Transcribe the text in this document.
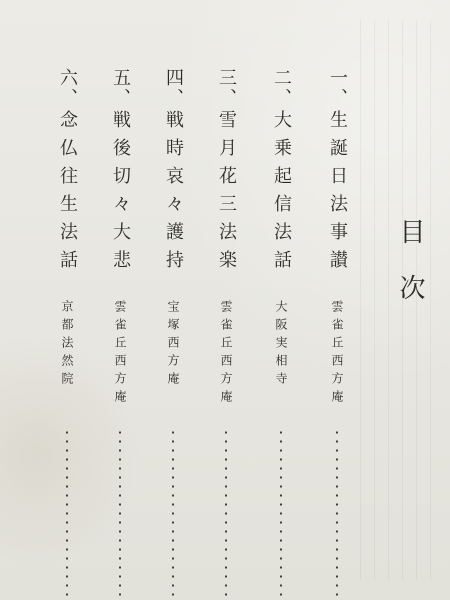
目次
一、
生誕日法事讃
雲雀丘西方庵
二、
大乗起信法話
大阪実相寺
三、
雪月花三法楽
雲雀丘西方庵
四、
戦時哀々護持
宝塚西方庵
五、
戦後切々大悲
雲雀丘西方庵
六、
念仏往生法話
京都法然院
